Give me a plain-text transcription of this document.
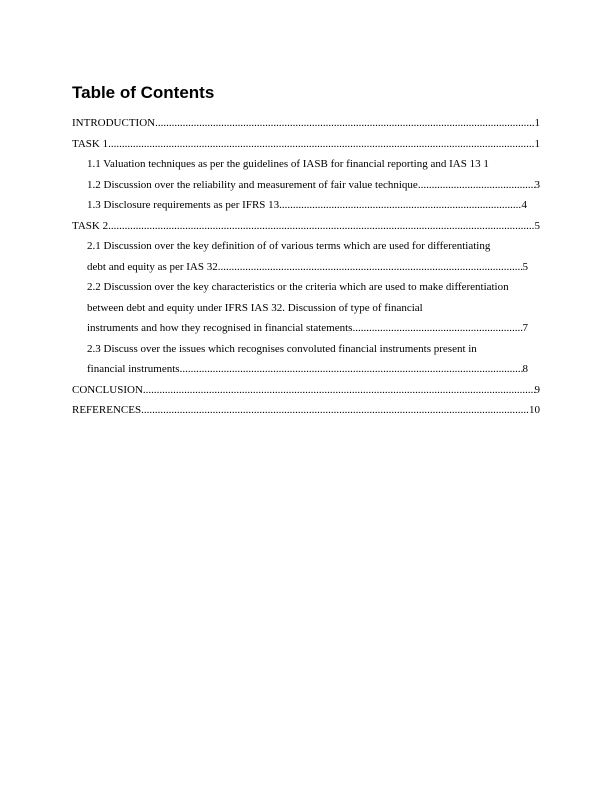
Table of Contents
INTRODUCTION .....	1
TASK 1 .....	1
1.1 Valuation techniques as per the guidelines of IASB for financial reporting and IAS 13 1
1.2 Discussion over the reliability and measurement of fair value technique .....	3
1.3 Disclosure requirements as per IFRS 13 .....	4
TASK 2 .....	5
2.1 Discussion over the key definition of of various terms which are used for differentiating
debt and equity as per IAS 32 .....	5
2.2 Discussion over the key characteristics or the criteria which are used to make differentiation between debt and equity under IFRS IAS 32. Discussion of type of financial
instruments and how they recognised in financial statements .....	7
2.3 Discuss over the issues which recognises convoluted financial instruments present in
financial instruments .....	8
CONCLUSION .....	9
REFERENCES .....	10
